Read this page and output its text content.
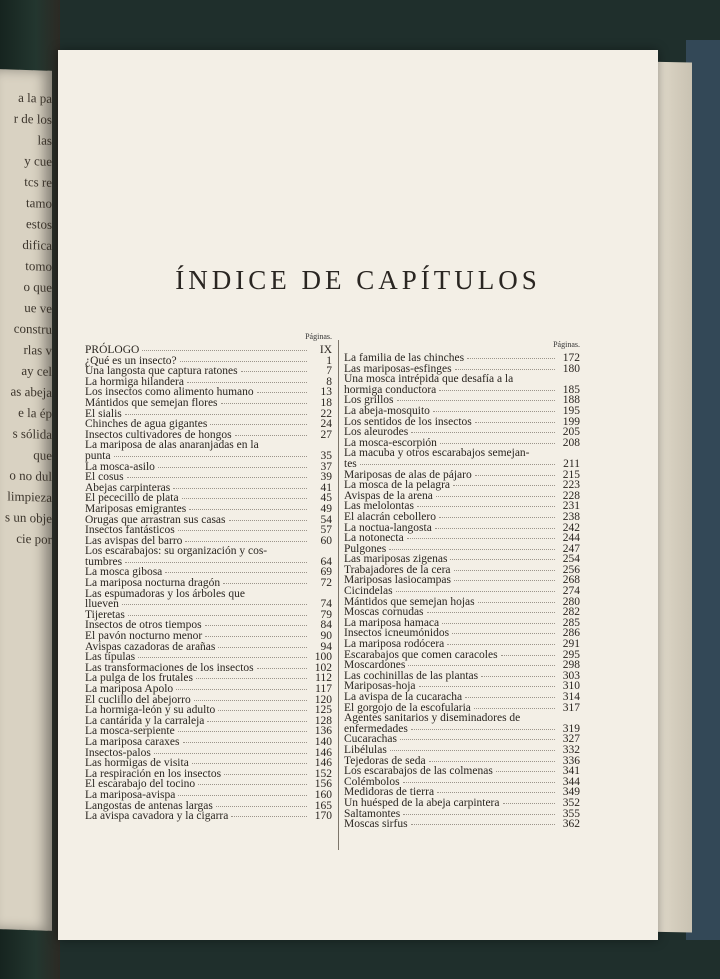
a la pa
r de los
las
y cue
tcs re
tamo
estos
difica
tomo
o que
ue ve
constru
rlas v
ay cel
as abeja
e la ép
s sólida
que
o no dul
limpieza
s un obje
cie por
ÍNDICE DE CAPÍTULOS
Páginas.
PRÓLOGO	IX
¿Qué es un insecto?	1
Una langosta que captura ratones	7
La hormiga hilandera	8
Los insectos como alimento humano	13
Mántidos que semejan flores	18
El sialis	22
Chinches de agua gigantes	24
Insectos cultivadores de hongos	27
La mariposa de alas anaranjadas en la
punta	35
La mosca-asilo	37
El cosus	39
Abejas carpinteras	41
El pececillo de plata	45
Mariposas emigrantes	49
Orugas que arrastran sus casas	54
Insectos fantásticos	57
Las avispas del barro	60
Los escarabajos: su organización y cos-
tumbres	64
La mosca gibosa	69
La mariposa nocturna dragón	72
Las espumadoras y los árboles que
llueven	74
Tijeretas	79
Insectos de otros tiempos	84
El pavón nocturno menor	90
Avispas cazadoras de arañas	94
Las típulas	100
Las transformaciones de los insectos	102
La pulga de los frutales	112
La mariposa Apolo	117
El cuclillo del abejorro	120
La hormiga-león y su adulto	125
La cantárida y la carraleja	128
La mosca-serpiente	136
La mariposa caraxes	140
Insectos-palos	146
Las hormigas de visita	146
La respiración en los insectos	152
El escarabajo del tocino	156
La mariposa-avispa	160
Langostas de antenas largas	165
La avispa cavadora y la cigarra	170
Páginas.
La familia de las chinches	172
Las mariposas-esfinges	180
Una mosca intrépida que desafía a la
hormiga conductora	185
Los grillos	188
La abeja-mosquito	195
Los sentidos de los insectos	199
Los aleurodes	205
La mosca-escorpión	208
La macuba y otros escarabajos semejan-
tes	211
Mariposas de alas de pájaro	215
La mosca de la pelagra	223
Avispas de la arena	228
Las melolontas	231
El alacrán cebollero	238
La noctua-langosta	242
La notonecta	244
Pulgones	247
Las mariposas zigenas	254
Trabajadores de la cera	256
Mariposas lasiocampas	268
Cicindelas	274
Mántidos que semejan hojas	280
Moscas cornudas	282
La mariposa hamaca	285
Insectos icneumónidos	286
La mariposa rodócera	291
Escarabajos que comen caracoles	295
Moscardones	298
Las cochinillas de las plantas	303
Mariposas-hoja	310
La avispa de la cucaracha	314
El gorgojo de la escofularia	317
Agentes sanitarios y diseminadores de
enfermedades	319
Cucarachas	327
Libélulas	332
Tejedoras de seda	336
Los escarabajos de las colmenas	341
Colémbolos	344
Medidoras de tierra	349
Un huésped de la abeja carpintera	352
Saltamontes	355
Moscas sirfus	362
